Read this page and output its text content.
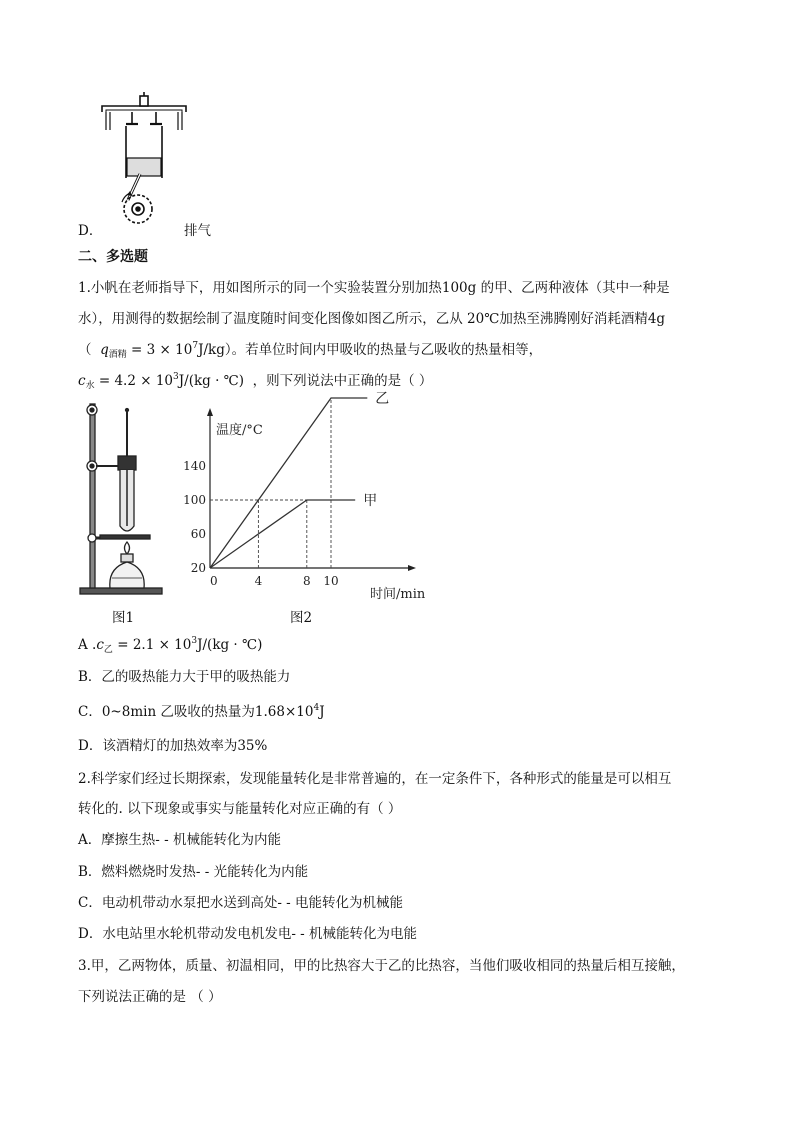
D．	排气
二、多选题
1.小帆在老师指导下，用如图所示的同一个实验装置分别加热100g 的甲、乙两种液体（其中一种是
水），用测得的数据绘制了温度随时间变化图像如图乙所示，乙从 20℃加热至沸腾刚好消耗酒精4g
（ $q_{酒精} = 3 \times 10^7J/kg$）。若单位时间内甲吸收的热量与乙吸收的热量相等，
$c_水 = 4.2 \times 10^3J/(kg$ · ℃) ，则下列说法中正确的是（ ）
图1
温度/°C
时间/min
20
60
100
140
0	4	8 10
乙
甲
图2
A $.c_乙 = 2.1 \times 10^3J/(kg$ · ℃)
B．乙的吸热能力大于甲的吸热能力
C．0~8min 乙吸收的热量为$1.68\times 10^4J$
D．该酒精灯的加热效率为35%
2.科学家们经过长期探索，发现能量转化是非常普遍的，在一定条件下，各种形式的能量是可以相互
转化的. 以下现象或事实与能量转化对应正确的有（ ）
A．摩擦生热- - 机械能转化为内能
B．燃料燃烧时发热- - 光能转化为内能
C．电动机带动水泵把水送到高处- - 电能转化为机械能
D．水电站里水轮机带动发电机发电- - 机械能转化为电能
3.甲，乙两物体，质量、初温相同，甲的比热容大于乙的比热容，当他们吸收相同的热量后相互接触，
下列说法正确的是 （ ）
